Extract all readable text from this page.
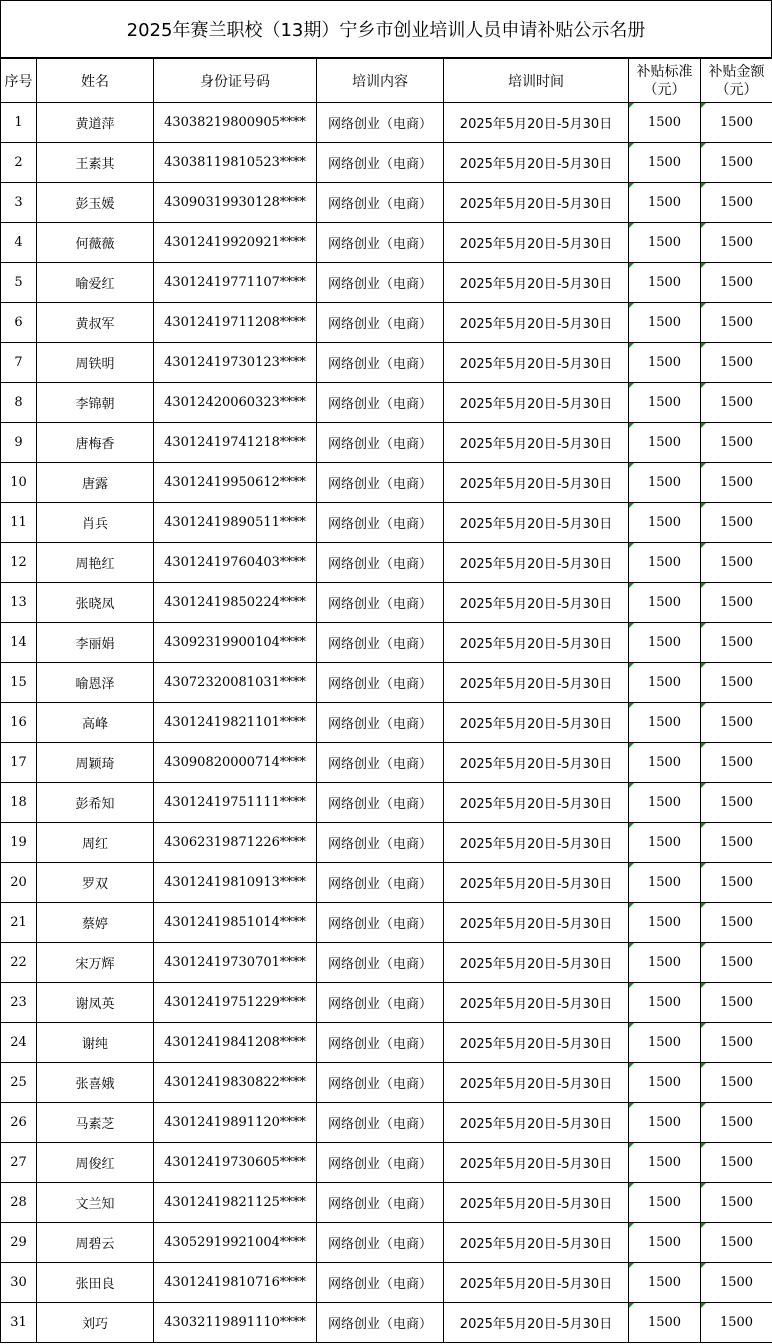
2025年赛兰职校（13期）宁乡市创业培训人员申请补贴公示名册
序号	姓名	身份证号码	培训内容	培训时间	补贴标准（元）	补贴金额（元）
1	黄道萍	43038219800905****	网络创业（电商）	2025年5月20日-5月30日	1500	1500
2	王素其	43038119810523****	网络创业（电商）	2025年5月20日-5月30日	1500	1500
3	彭玉媛	43090319930128****	网络创业（电商）	2025年5月20日-5月30日	1500	1500
4	何薇薇	43012419920921****	网络创业（电商）	2025年5月20日-5月30日	1500	1500
5	喻爱红	43012419771107****	网络创业（电商）	2025年5月20日-5月30日	1500	1500
6	黄叔军	43012419711208****	网络创业（电商）	2025年5月20日-5月30日	1500	1500
7	周铁明	43012419730123****	网络创业（电商）	2025年5月20日-5月30日	1500	1500
8	李锦朝	43012420060323****	网络创业（电商）	2025年5月20日-5月30日	1500	1500
9	唐梅香	43012419741218****	网络创业（电商）	2025年5月20日-5月30日	1500	1500
10	唐露	43012419950612****	网络创业（电商）	2025年5月20日-5月30日	1500	1500
11	肖兵	43012419890511****	网络创业（电商）	2025年5月20日-5月30日	1500	1500
12	周艳红	43012419760403****	网络创业（电商）	2025年5月20日-5月30日	1500	1500
13	张晓凤	43012419850224****	网络创业（电商）	2025年5月20日-5月30日	1500	1500
14	李丽娟	43092319900104****	网络创业（电商）	2025年5月20日-5月30日	1500	1500
15	喻恩泽	43072320081031****	网络创业（电商）	2025年5月20日-5月30日	1500	1500
16	高峰	43012419821101****	网络创业（电商）	2025年5月20日-5月30日	1500	1500
17	周颖琦	43090820000714****	网络创业（电商）	2025年5月20日-5月30日	1500	1500
18	彭希知	43012419751111****	网络创业（电商）	2025年5月20日-5月30日	1500	1500
19	周红	43062319871226****	网络创业（电商）	2025年5月20日-5月30日	1500	1500
20	罗双	43012419810913****	网络创业（电商）	2025年5月20日-5月30日	1500	1500
21	蔡婷	43012419851014****	网络创业（电商）	2025年5月20日-5月30日	1500	1500
22	宋万辉	43012419730701****	网络创业（电商）	2025年5月20日-5月30日	1500	1500
23	谢凤英	43012419751229****	网络创业（电商）	2025年5月20日-5月30日	1500	1500
24	谢纯	43012419841208****	网络创业（电商）	2025年5月20日-5月30日	1500	1500
25	张喜娥	43012419830822****	网络创业（电商）	2025年5月20日-5月30日	1500	1500
26	马素芝	43012419891120****	网络创业（电商）	2025年5月20日-5月30日	1500	1500
27	周俊红	43012419730605****	网络创业（电商）	2025年5月20日-5月30日	1500	1500
28	文兰知	43012419821125****	网络创业（电商）	2025年5月20日-5月30日	1500	1500
29	周碧云	43052919921004****	网络创业（电商）	2025年5月20日-5月30日	1500	1500
30	张田良	43012419810716****	网络创业（电商）	2025年5月20日-5月30日	1500	1500
31	刘巧	43032119891110****	网络创业（电商）	2025年5月20日-5月30日	1500	1500
